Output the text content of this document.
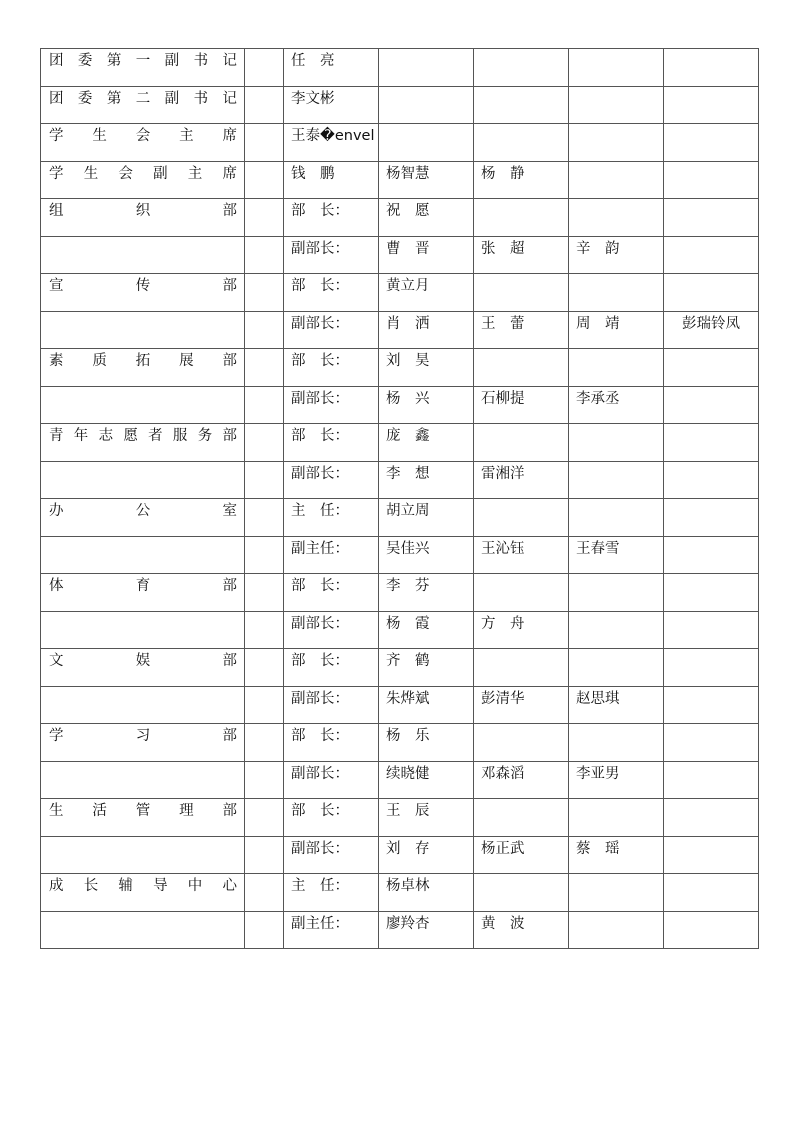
团委第一副书记		任　亮				

团委第二副书记		李文彬				

学生会主席		王泰�envel				

学生会副主席		钱　鹏	杨智慧	杨　静		

组织部		部　长：	祝　愿			

		副部长：	曹　晋	张　超	辛　韵	

宣传部		部　长：	黄立月			

		副部长：	肖　洒	王　蕾	周　靖	彭瑞铃凤

素质拓展部		部　长：	刘　昊			

		副部长：	杨　兴	石柳提	李承丞	

青年志愿者服务部		部　长：	庞　鑫			

		副部长：	李　想	雷湘洋		

办公室		主　任：	胡立周			

		副主任：	吴佳兴	王沁钰	王春雪	

体育部		部　长：	李　芬			

		副部长：	杨　霞	方　舟		

文娱部		部　长：	齐　鹤			

		副部长：	朱烨斌	彭清华	赵思琪	

学习部		部　长：	杨　乐			

		副部长：	续晓健	邓森滔	李亚男	

生活管理部		部　长：	王　辰			

		副部长：	刘　存	杨正武	蔡　瑶	

成长辅导中心		主　任：	杨卓林			

		副主任：	廖羚杏	黄　波		
